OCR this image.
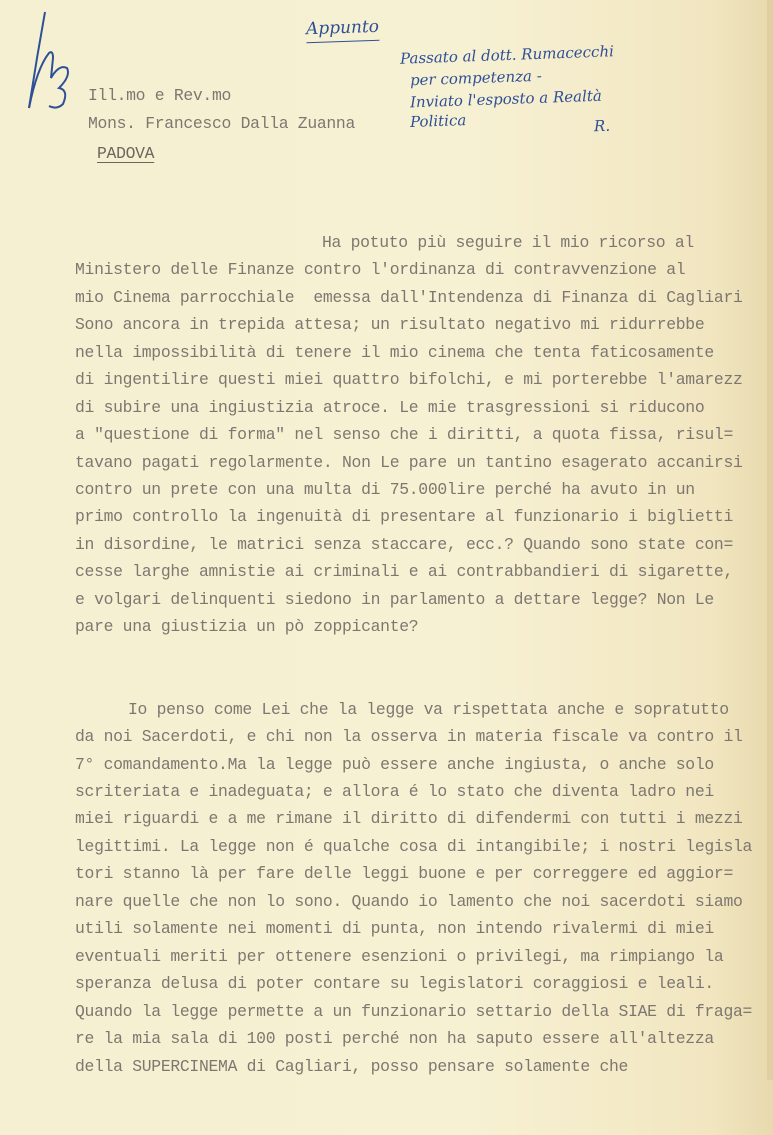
Appunto
Passato al dott. Rumacecchi
per competenza -
Inviato l'esposto a Realtà
Politica	R.
Ill.mo e Rev.mo
Mons. Francesco Dalla Zuanna
PADOVA

Ha potuto più seguire il mio ricorso al
Ministero delle Finanze contro l'ordinanza di contravvenzione al
mio Cinema parrocchiale  emessa dall'Intendenza di Finanza di Cagliari
Sono ancora in trepida attesa; un risultato negativo mi ridurrebbe
nella impossibilità di tenere il mio cinema che tenta faticosamente
di ingentilire questi miei quattro bifolchi, e mi porterebbe l'amarezz
di subire una ingiustizia atroce. Le mie trasgressioni si riducono
a "questione di forma" nel senso che i diritti, a quota fissa, risul=
tavano pagati regolarmente. Non Le pare un tantino esagerato accanirsi
contro un prete con una multa di 75.000lire perché ha avuto in un
primo controllo la ingenuità di presentare al funzionario i biglietti
in disordine, le matrici senza staccare, ecc.? Quando sono state con=
cesse larghe amnistie ai criminali e ai contrabbandieri di sigarette,
e volgari delinquenti siedono in parlamento a dettare legge? Non Le
pare una giustizia un pò zoppicante?

Io penso come Lei che la legge va rispettata anche e sopratutto
da noi Sacerdoti, e chi non la osserva in materia fiscale va contro il
7° comandamento.Ma la legge può essere anche ingiusta, o anche solo
scriteriata e inadeguata; e allora é lo stato che diventa ladro nei
miei riguardi e a me rimane il diritto di difendermi con tutti i mezzi
legittimi. La legge non é qualche cosa di intangibile; i nostri legisla
tori stanno là per fare delle leggi buone e per correggere ed aggior=
nare quelle che non lo sono. Quando io lamento che noi sacerdoti siamo
utili solamente nei momenti di punta, non intendo rivalermi di miei
eventuali meriti per ottenere esenzioni o privilegi, ma rimpiango la
speranza delusa di poter contare su legislatori coraggiosi e leali.
Quando la legge permette a un funzionario settario della SIAE di fraga=
re la mia sala di 100 posti perché non ha saputo essere all'altezza
della SUPERCINEMA di Cagliari, posso pensare solamente che
